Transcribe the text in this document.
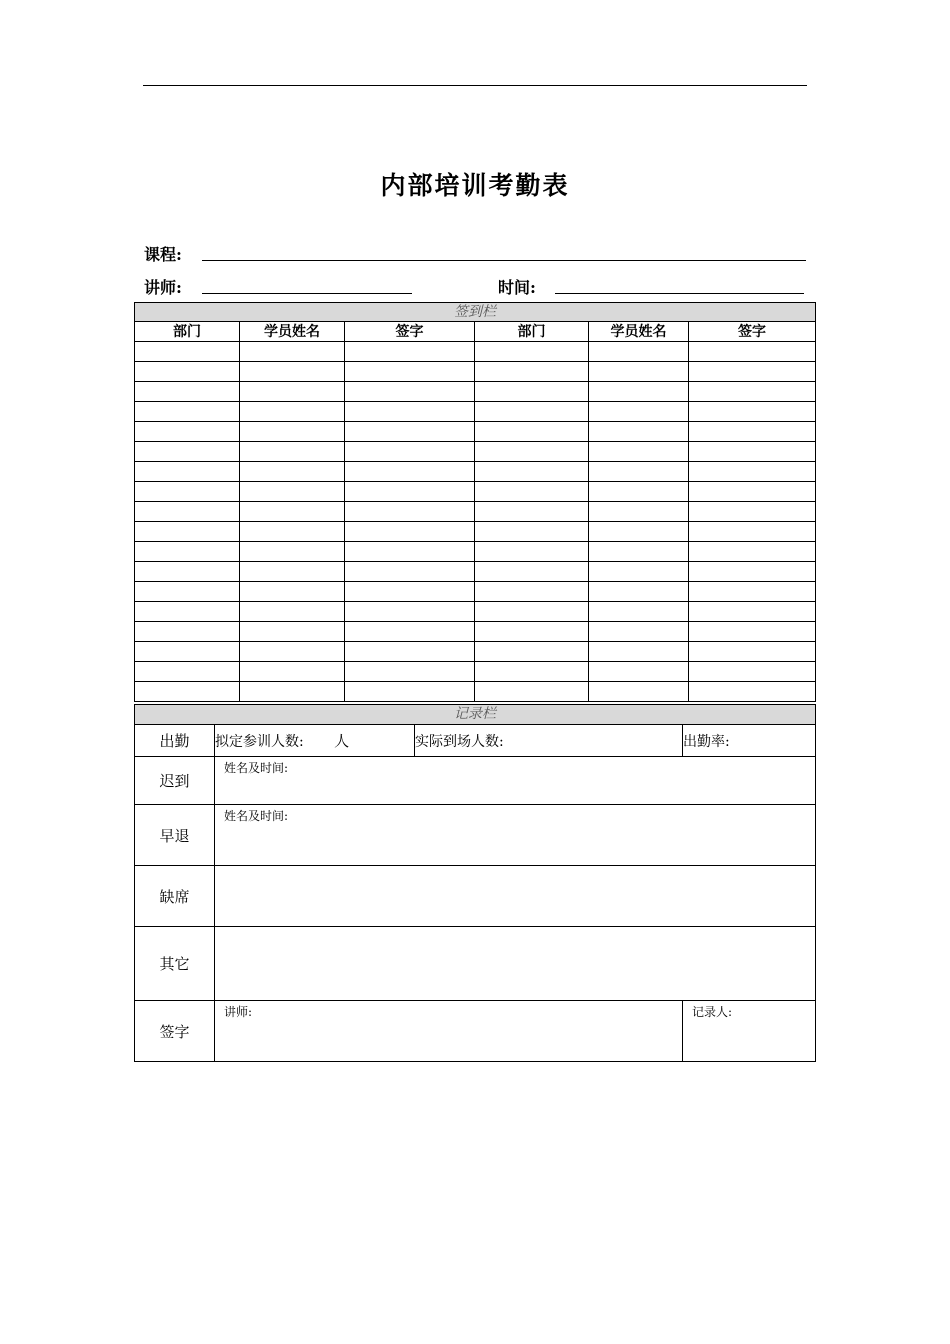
内部培训考勤表
课程:
讲师:	时间:
签到栏					
部门	学员姓名	签字	部门	学员姓名	签字

记录栏			
出勤	拟定参训人数: 人	实际到场人数:	出勤率:
迟到	姓名及时间:		

早退	姓名及时间:		

缺席			
其它			
签字	讲师:		记录人:
